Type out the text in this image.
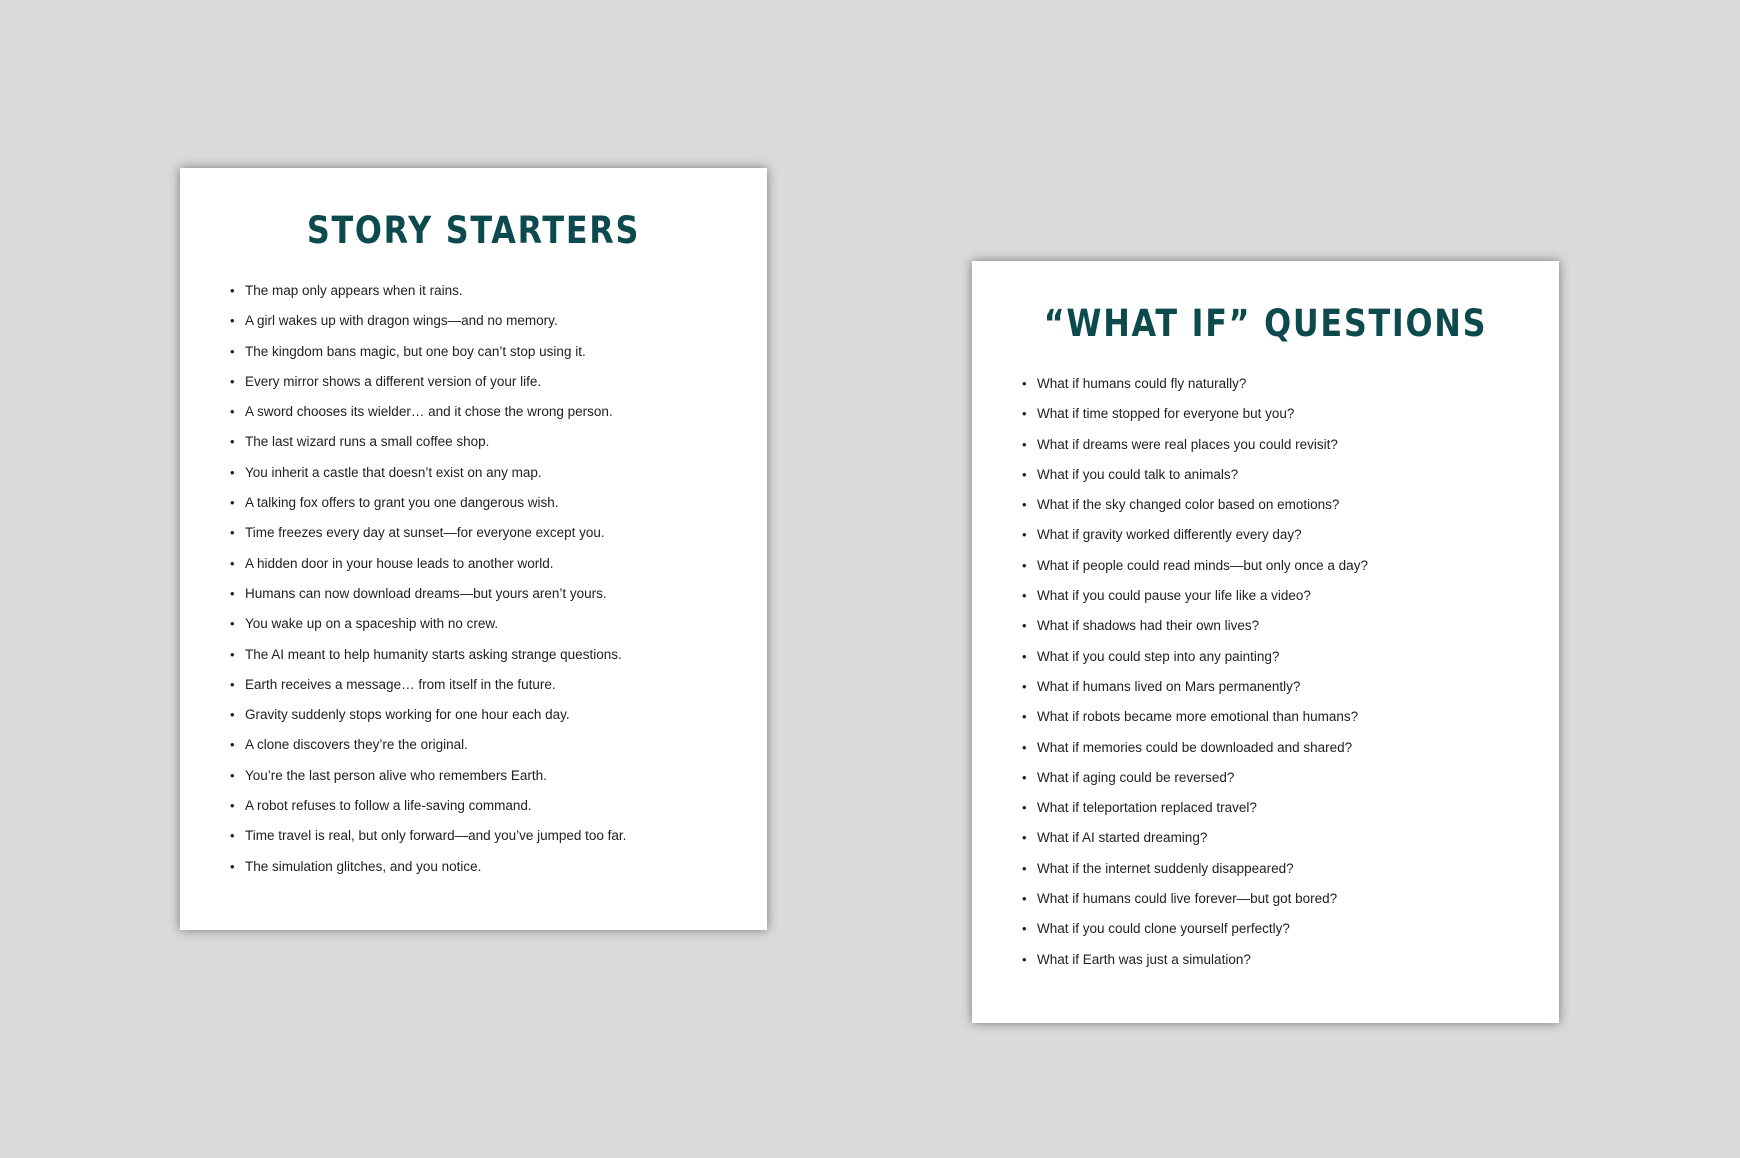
STORY STARTERS
• The map only appears when it rains.
• A girl wakes up with dragon wings—and no memory.
• The kingdom bans magic, but one boy can’t stop using it.
• Every mirror shows a different version of your life.
• A sword chooses its wielder… and it chose the wrong person.
• The last wizard runs a small coffee shop.
• You inherit a castle that doesn’t exist on any map.
• A talking fox offers to grant you one dangerous wish.
• Time freezes every day at sunset—for everyone except you.
• A hidden door in your house leads to another world.
• Humans can now download dreams—but yours aren’t yours.
• You wake up on a spaceship with no crew.
• The AI meant to help humanity starts asking strange questions.
• Earth receives a message… from itself in the future.
• Gravity suddenly stops working for one hour each day.
• A clone discovers they’re the original.
• You’re the last person alive who remembers Earth.
• A robot refuses to follow a life-saving command.
• Time travel is real, but only forward—and you’ve jumped too far.
• The simulation glitches, and you notice.
“WHAT IF” QUESTIONS
• What if humans could fly naturally?
• What if time stopped for everyone but you?
• What if dreams were real places you could revisit?
• What if you could talk to animals?
• What if the sky changed color based on emotions?
• What if gravity worked differently every day?
• What if people could read minds—but only once a day?
• What if you could pause your life like a video?
• What if shadows had their own lives?
• What if you could step into any painting?
• What if humans lived on Mars permanently?
• What if robots became more emotional than humans?
• What if memories could be downloaded and shared?
• What if aging could be reversed?
• What if teleportation replaced travel?
• What if AI started dreaming?
• What if the internet suddenly disappeared?
• What if humans could live forever—but got bored?
• What if you could clone yourself perfectly?
• What if Earth was just a simulation?
